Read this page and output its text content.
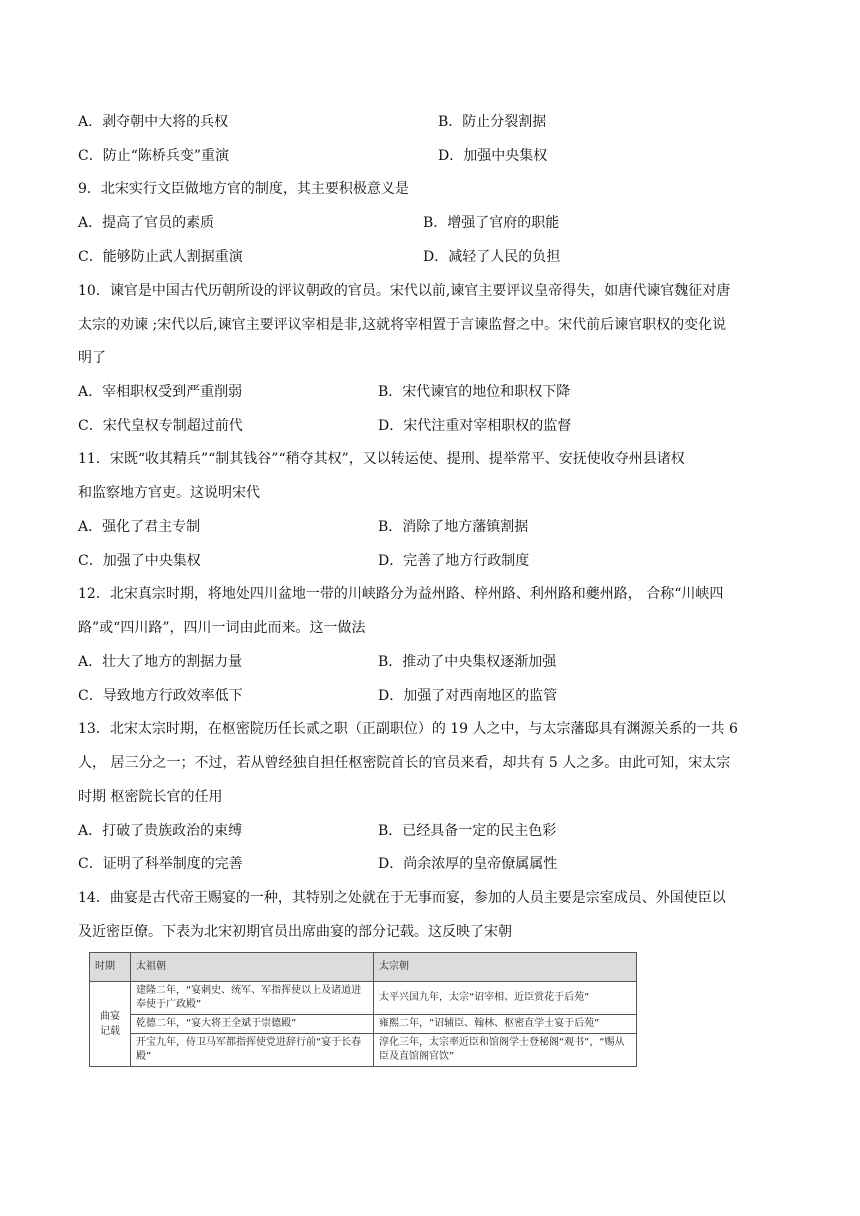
A．剥夺朝中大将的兵权	B．防止分裂割据
C．防止“陈桥兵变”重演	D．加强中央集权
9．北宋实行文臣做地方官的制度，其主要积极意义是
A．提高了官员的素质	B．增强了官府的职能
C．能够防止武人割据重演	D．减轻了人民的负担
10．谏官是中国古代历朝所设的评议朝政的官员。宋代以前,谏官主要评议皇帝得失，如唐代谏官魏征对唐
太宗的劝谏 ;宋代以后,谏官主要评议宰相是非,这就将宰相置于言谏监督之中。宋代前后谏官职权的变化说
明了
A．宰相职权受到严重削弱	B．宋代谏官的地位和职权下降
C．宋代皇权专制超过前代	D．宋代注重对宰相职权的监督
11．宋既“收其精兵”“制其钱谷”“稍夺其权”，又以转运使、提刑、提举常平、安抚使收夺州县诸权
和监察地方官吏。这说明宋代
A．强化了君主专制	B．消除了地方藩镇割据
C．加强了中央集权	D．完善了地方行政制度
12．北宋真宗时期，将地处四川盆地一带的川峡路分为益州路、梓州路、利州路和夔州路， 合称“川峡四
路”或“四川路”，四川一词由此而来。这一做法
A．壮大了地方的割据力量	B．推动了中央集权逐渐加强
C．导致地方行政效率低下	D．加强了对西南地区的监管
13．北宋太宗时期，在枢密院历任长贰之职（正副职位）的 19 人之中，与太宗藩邸具有渊源关系的一共 6
人， 居三分之一；不过，若从曾经独自担任枢密院首长的官员来看，却共有 5 人之多。由此可知，宋太宗
时期 枢密院长官的任用
A．打破了贵族政治的束缚	B．已经具备一定的民主色彩
C．证明了科举制度的完善	D．尚余浓厚的皇帝僚属属性
14．曲宴是古代帝王赐宴的一种，其特别之处就在于无事而宴，参加的人员主要是宗室成员、外国使臣以
及近密臣僚。下表为北宋初期官员出席曲宴的部分记载。这反映了宋朝
时期	太祖朝	太宗朝
曲宴记载	建隆二年，“宴刺史、统军、军指挥使以上及诸道进奉使于广政殿”	太平兴国九年，太宗“诏宰相、近臣赏花于后苑”
	乾德二年，“宴大将王全斌于崇德殿”	雍熙二年，“诏辅臣、翰林、枢密直学士宴于后苑”
	开宝九年，侍卫马军都指挥使党进辞行前“宴于长春殿”	淳化三年，太宗率近臣和馆阁学士登秘阁“观书”，“赐从臣及直馆阁官饮”
